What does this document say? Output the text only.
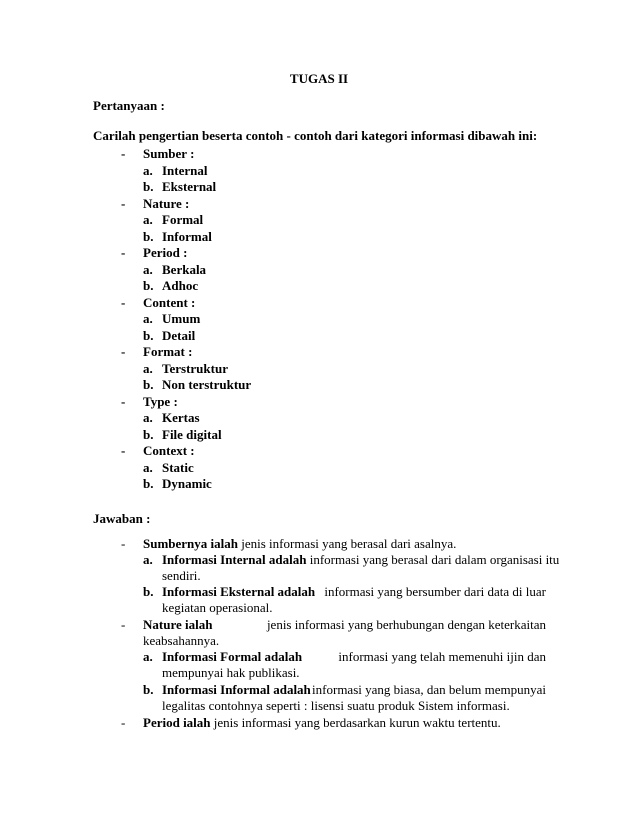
TUGAS II
Pertanyaan :
Carilah pengertian beserta contoh - contoh dari kategori informasi dibawah ini:
- Sumber :
a. Internal
b. Eksternal
- Nature :
a. Formal
b. Informal
- Period :
a. Berkala
b. Adhoc
- Content :
a. Umum
b. Detail
- Format :
a. Terstruktur
b. Non terstruktur
- Type :
a. Kertas
b. File digital
- Context :
a. Static
b. Dynamic
Jawaban :
- Sumbernya ialah jenis informasi yang berasal dari asalnya.
a. Informasi Internal adalah informasi yang berasal dari dalam organisasi itu
sendiri.
b. Informasi Eksternal adalah informasi yang bersumber dari data di luar
kegiatan operasional.
- Nature ialah	jenis informasi yang berhubungan dengan keterkaitan
keabsahannya.
a. Informasi Formal adalah	informasi yang telah memenuhi ijin dan
mempunyai hak publikasi.
b. Informasi Informal adalah informasi yang biasa, dan belum mempunyai
legalitas contohnya seperti : lisensi suatu produk Sistem informasi.
- Period ialah jenis informasi yang berdasarkan kurun waktu tertentu.
